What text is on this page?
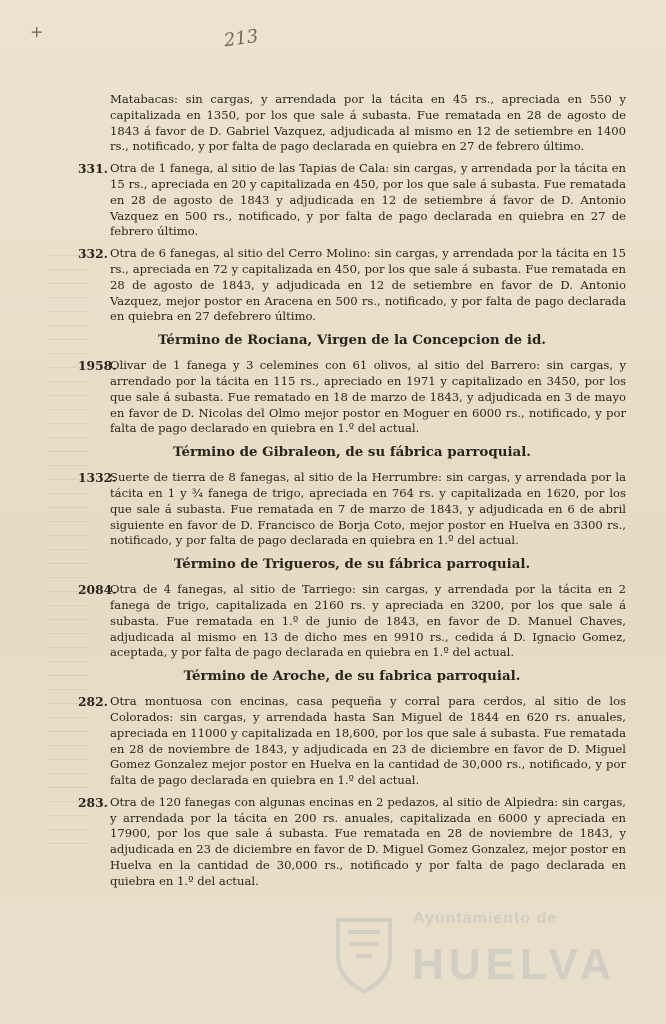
+	213
Matabacas: sin cargas, y arrendada por la tácita en 45 rs., apreciada en 550 y capitalizada en 1350, por los que sale á subasta. Fue rematada en 28 de agosto de 1843 á favor de D. Gabriel Vazquez, adjudicada al mismo en 12 de setiembre en 1400 rs., notificado, y por falta de pago declarada en quiebra en 27 de febrero último.
331. Otra de 1 fanega, al sitio de las Tapias de Cala: sin cargas, y arrendada por la tácita en 15 rs., apreciada en 20 y capitalizada en 450, por los que sale á subasta. Fue rematada en 28 de agosto de 1843 y adjudicada en 12 de setiembre á favor de D. Antonio Vazquez en 500 rs., notificado, y por falta de pago declarada en quiebra en 27 de febrero último.
332. Otra de 6 fanegas, al sitio del Cerro Molino: sin cargas, y arrendada por la tácita en 15 rs., apreciada en 72 y capitalizada en 450, por los que sale á subasta. Fue rematada en 28 de agosto de 1843, y adjudicada en 12 de setiembre en favor de D. Antonio Vazquez, mejor postor en Aracena en 500 rs., notificado, y por falta de pago declarada en quiebra en 27 defebrero último.
Término de Rociana, Virgen de la Concepcion de id.
1958.
Olivar de 1 fanega y 3 celemines con 61 olivos, al sitio del Barrero: sin cargas, y arrendado por la tácita en 115 rs., apreciado en 1971 y capitalizado en 3450, por los que sale á subasta. Fue rematado en 18 de marzo de 1843, y adjudicada en 3 de mayo en favor de D. Nicolas del Olmo mejor postor en Moguer en 6000 rs., notificado, y por falta de pago declarado en quiebra en 1.º del actual.
Término de Gibraleon, de su fábrica parroquial.
1332.
Suerte de tierra de 8 fanegas, al sitio de la Herrumbre: sin cargas, y arrendada por la tácita en 1 y ¾ fanega de trigo, apreciada en 764 rs. y capitalizada en 1620, por los que sale á subasta. Fue rematada en 7 de marzo de 1843, y adjudicada en 6 de abril siguiente en favor de D. Francisco de Borja Coto, mejor postor en Huelva en 3300 rs., notificado, y por falta de pago declarada en quiebra en 1.º del actual.
Término de Trigueros, de su fábrica parroquial.
2084.
Otra de 4 fanegas, al sitio de Tarriego: sin cargas, y arrendada por la tácita en 2 fanega de trigo, capitalizada en 2160 rs. y apreciada en 3200, por los que sale á subasta. Fue rematada en 1.º de junio de 1843, en favor de D. Manuel Chaves, adjudicada al mismo en 13 de dicho mes en 9910 rs., cedida á D. Ignacio Gomez, aceptada, y por falta de pago declarada en quiebra en 1.º del actual.
Término de Aroche, de su fabrica parroquial.
282. Otra montuosa con encinas, casa pequeña y corral para cerdos, al sitio de los Colorados: sin cargas, y arrendada hasta San Miguel de 1844 en 620 rs. anuales, apreciada en 11000 y capitalizada en 18,600, por los que sale á subasta. Fue rematada en 28 de noviembre de 1843, y adjudicada en 23 de diciembre en favor de D. Miguel Gomez Gonzalez mejor postor en Huelva en la cantidad de 30,000 rs., notificado, y por falta de pago declarada en quiebra en 1.º del actual.
283. Otra de 120 fanegas con algunas encinas en 2 pedazos, al sitio de Alpiedra: sin cargas, y arrendada por la tácita en 200 rs. anuales, capitalizada en 6000 y apreciada en 17900, por los que sale á subasta. Fue rematada en 28 de noviembre de 1843, y adjudicada en 23 de diciembre en favor de D. Miguel Gomez Gonzalez, mejor postor en Huelva en la cantidad de 30,000 rs., notificado y por falta de pago declarada en quiebra en 1.º del actual.
Ayuntamiento de
HUELVA
